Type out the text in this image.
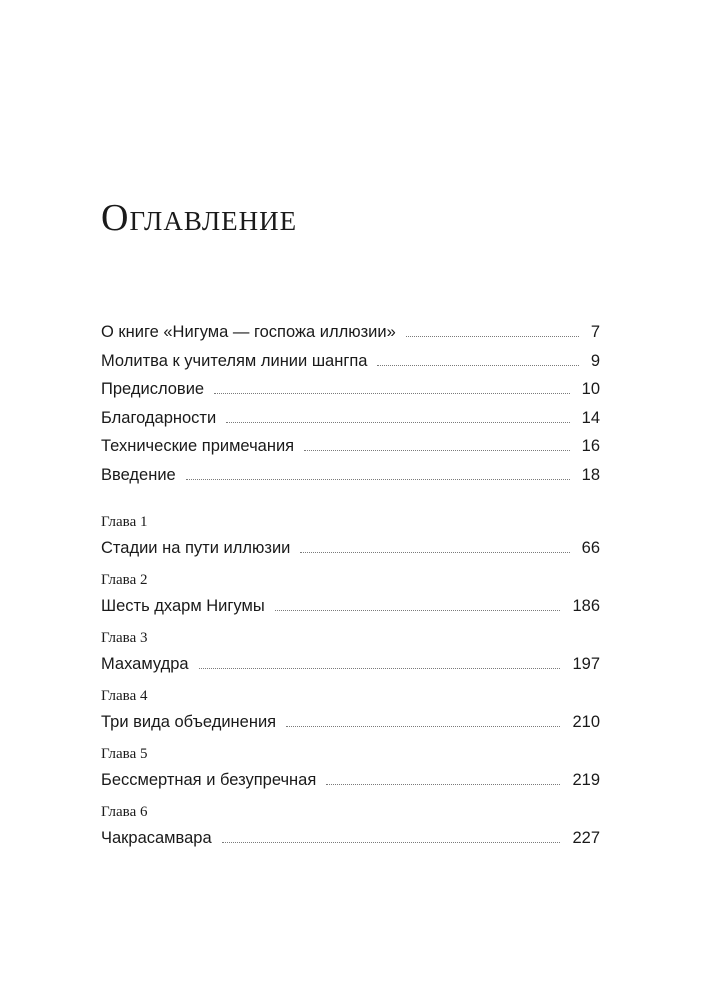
Оглавление
О книге «Нигума — госпожа иллюзии»	7
Молитва к учителям линии шангпа	9
Предисловие	10
Благодарности	14
Технические примечания	16
Введение	18
Глава 1
Стадии на пути иллюзии	66
Глава 2
Шесть дхарм Нигумы	186
Глава 3
Махамудра	197
Глава 4
Три вида объединения	210
Глава 5
Бессмертная и безупречная	219
Глава 6
Чакрасамвара	227
